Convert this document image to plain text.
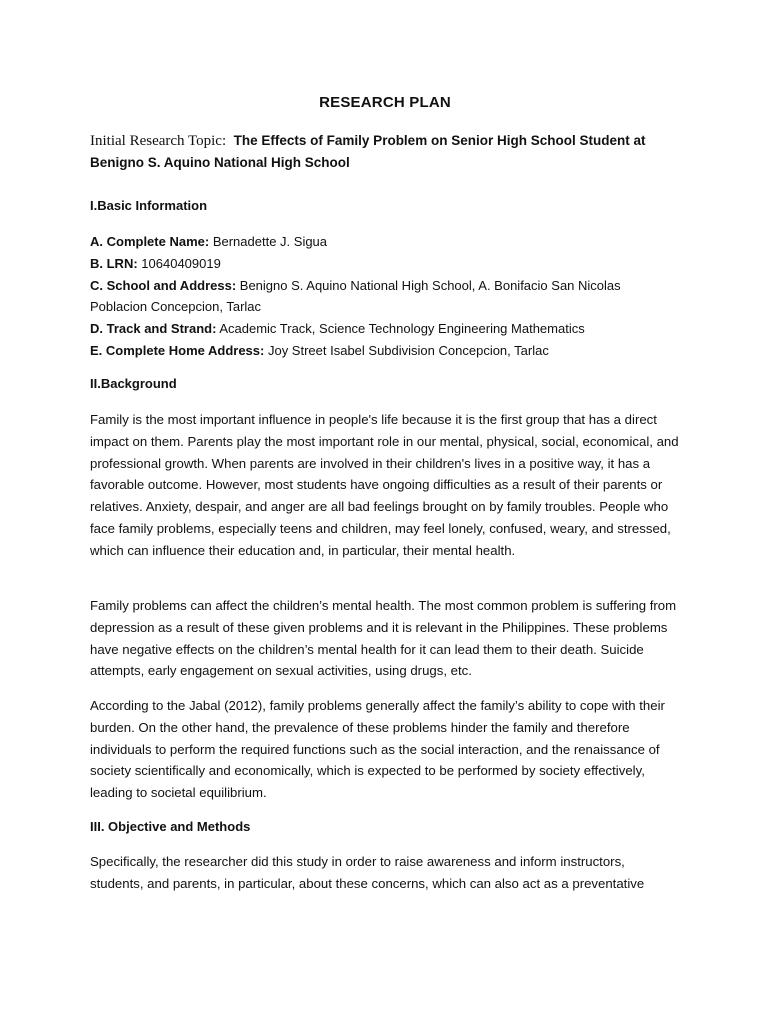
RESEARCH PLAN
Initial Research Topic: The Effects of Family Problem on Senior High School Student at Benigno S. Aquino National High School
I.Basic Information
A. Complete Name: Bernadette J. Sigua
B. LRN: 10640409019
C. School and Address: Benigno S. Aquino National High School, A. Bonifacio San Nicolas Poblacion Concepcion, Tarlac
D. Track and Strand: Academic Track, Science Technology Engineering Mathematics
E. Complete Home Address: Joy Street Isabel Subdivision Concepcion, Tarlac
II.Background

Family is the most important influence in people's life because it is the first group that has a direct impact on them. Parents play the most important role in our mental, physical, social, economical, and professional growth. When parents are involved in their children's lives in a positive way, it has a favorable outcome. However, most students have ongoing difficulties as a result of their parents or relatives. Anxiety, despair, and anger are all bad feelings brought on by family troubles. People who face family problems, especially teens and children, may feel lonely, confused, weary, and stressed, which can influence their education and, in particular, their mental health.

Family problems can affect the children’s mental health. The most common problem is suffering from depression as a result of these given problems and it is relevant in the Philippines. These problems have negative effects on the children’s mental health for it can lead them to their death. Suicide attempts, early engagement on sexual activities, using drugs, etc.

According to the Jabal (2012), family problems generally affect the family’s ability to cope with their burden. On the other hand, the prevalence of these problems hinder the family and therefore individuals to perform the required functions such as the social interaction, and the renaissance of society scientifically and economically, which is expected to be performed by society effectively, leading to societal equilibrium.

III. Objective and Methods

Specifically, the researcher did this study in order to raise awareness and inform instructors, students, and parents, in particular, about these concerns, which can also act as a preventative
